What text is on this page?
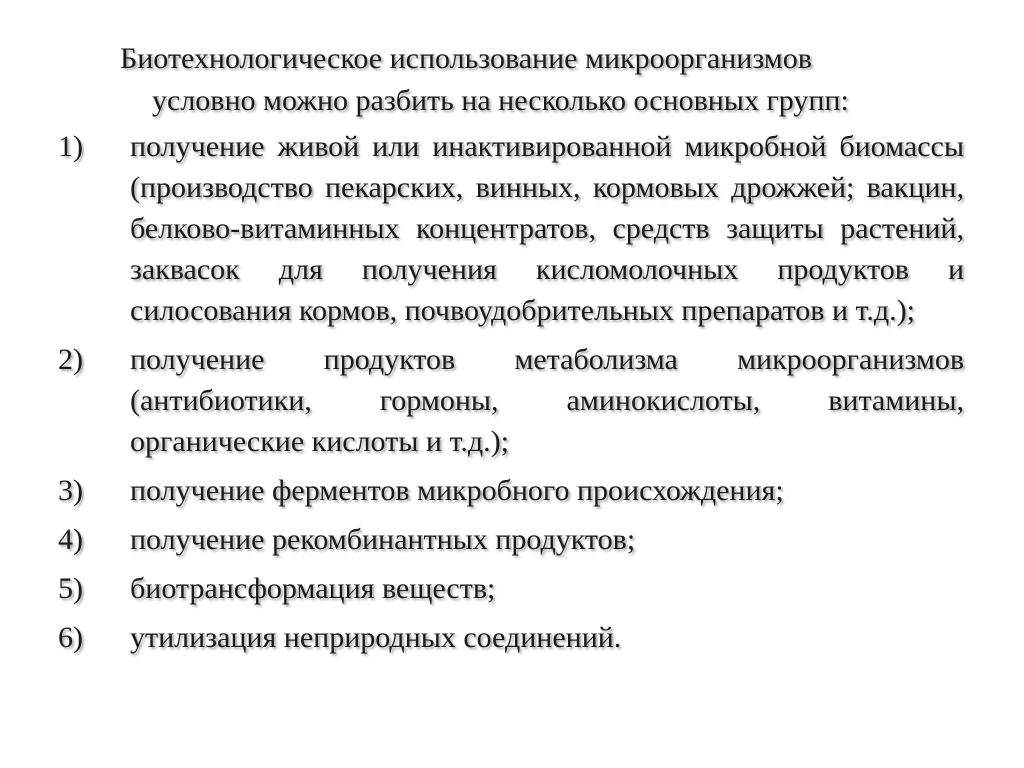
Биотехнологическое использование микроорганизмов
условно можно разбить на несколько основных групп:

1)	получение живой или инактивированной микробной биомассы (производство пекарских, винных, кормовых дрожжей; вакцин, белково-витаминных концентратов, средств защиты растений, заквасок для получения кисломолочных продуктов и силосования кормов, почвоудобрительных препаратов и т.д.);
2)	получение продуктов метаболизма микроорганизмов (антибиотики, гормоны, аминокислоты, витамины, органические кислоты и т.д.);
3)	получение ферментов микробного происхождения;
4)	получение рекомбинантных продуктов;
5)	биотрансформация веществ;
6)	утилизация неприродных соединений.
